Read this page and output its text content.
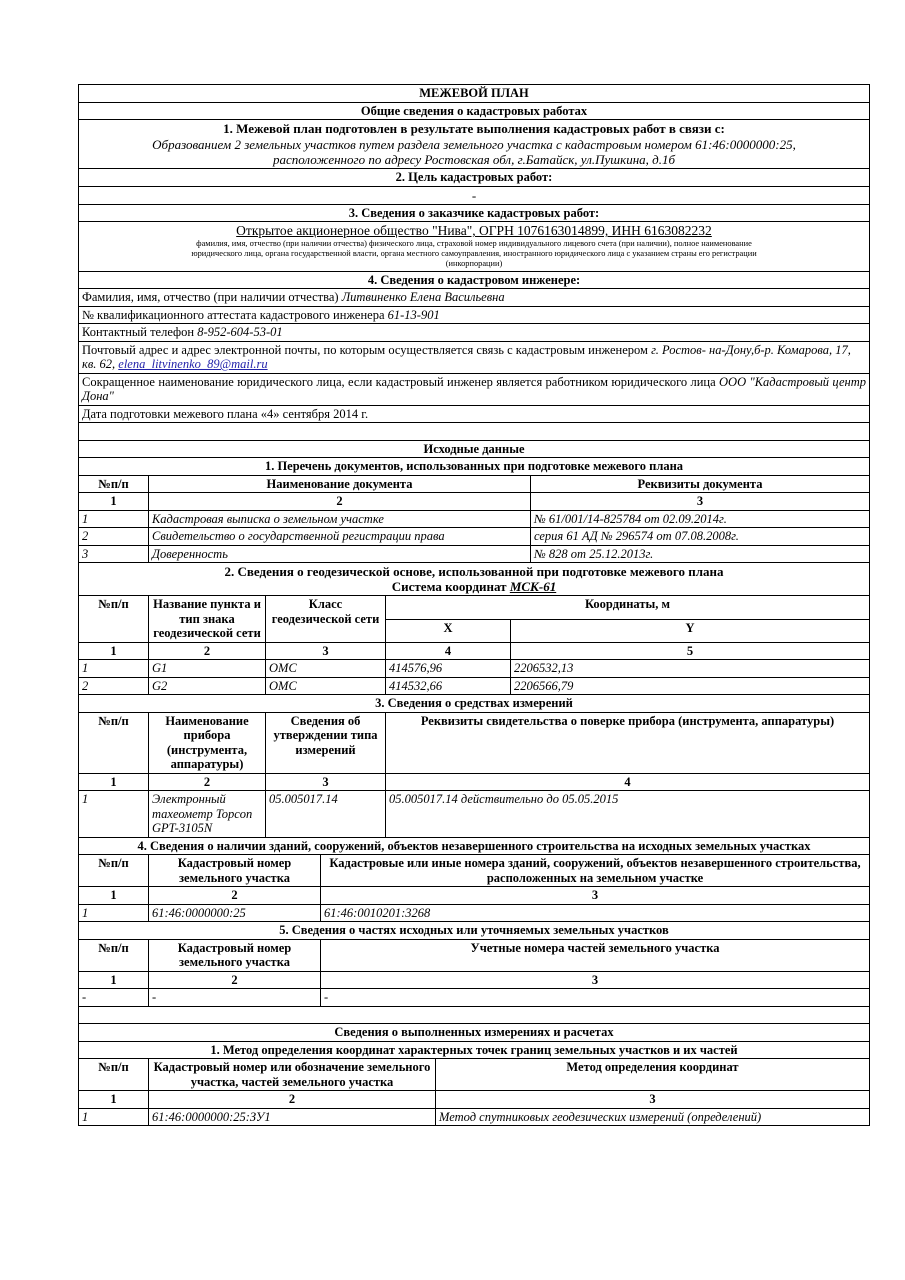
МЕЖЕВОЙ ПЛАН
Общие сведения о кадастровых работах

1. Межевой план подготовлен в результате выполнения кадастровых работ в связи с:
Образованием 2 земельных участков путем раздела земельного участка с кадастровым номером 61:46:0000000:25,
расположенного по адресу Ростовская обл, г.Батайск, ул.Пушкина, д.1б

2. Цель кадастровых работ:
-
3. Сведения о заказчике кадастровых работ:

Открытое акционерное общество "Нива", ОГРН 1076163014899, ИНН 6163082232
фамилия, имя, отчество (при наличии отчества) физического лица, страховой номер индивидуального лицевого счета (при наличии), полное наименование
юридического лица, органа государственной власти, органа местного самоуправления, иностранного юридического лица с указанием страны его регистрации
(инкорпорации)

4. Сведения о кадастровом инженере:
Фамилия, имя, отчество (при наличии отчества) Литвиненко Елена Васильевна
№ квалификационного аттестата кадастрового инженера 61-13-901
Контактный телефон 8-952-604-53-01
Почтовый адрес и адрес электронной почты, по которым осуществляется связь с кадастровым инженером г. Ростов- на-Дону,б-р. Комарова, 17, кв. 62, elena_litvinenko_89@mail.ru
Сокращенное наименование юридического лица, если кадастровый инженер является работником юридического лица ООО "Кадастровый центр Дона"
Дата подготовки межевого плана «4» сентября 2014 г.

Исходные данные
1. Перечень документов, использованных при подготовке межевого плана		
№п/п	Наименование документа	Реквизиты документа
1	2	3
1	Кадастровая выписка о земельном участке	№ 61/001/14-825784 от 02.09.2014г.
2	Свидетельство о государственной регистрации права	серия 61 АД № 296574 от 07.08.2008г.
3	Доверенность	№ 828 от 25.12.2013г.
2. Сведения о геодезической основе, использованной при подготовке межевого плана
Система координат МСК-61				

№п/п	Название пункта и тип знака геодезической сети	Класс геодезической сети	Координаты, м	
			X	Y
1	2	3	4	5
1	G1	ОМС	414576,96	2206532,13
2	G2	ОМС	414532,66	2206566,79
3. Сведения о средствах измерений			
№п/п	Наименование прибора (инструмента, аппаратуры)	Сведения об утверждении типа измерений	Реквизиты свидетельства о поверке прибора (инструмента, аппаратуры)
1	2	3	4
1	Электронный тахеометр Topcon GPT-3105N	05.005017.14	05.005017.14 действительно до 05.05.2015
4. Сведения о наличии зданий, сооружений, объектов незавершенного строительства на исходных земельных участках		
№п/п	Кадастровый номер земельного участка	Кадастровые или иные номера зданий, сооружений, объектов незавершенного строительства, расположенных на земельном участке
1	2	3
1	61:46:0000000:25	61:46:0010201:3268
5. Сведения о частях исходных или уточняемых земельных участков		
№п/п	Кадастровый номер земельного участка	Учетные номера частей земельного участка
1	2	3
-	-	-

Сведения о выполненных измерениях и расчетах
1. Метод определения координат характерных точек границ земельных участков и их частей		
№п/п	Кадастровый номер или обозначение земельного участка, частей земельного участка	Метод определения координат
1	2	3
1	61:46:0000000:25:ЗУ1	Метод спутниковых геодезических измерений (определений)
